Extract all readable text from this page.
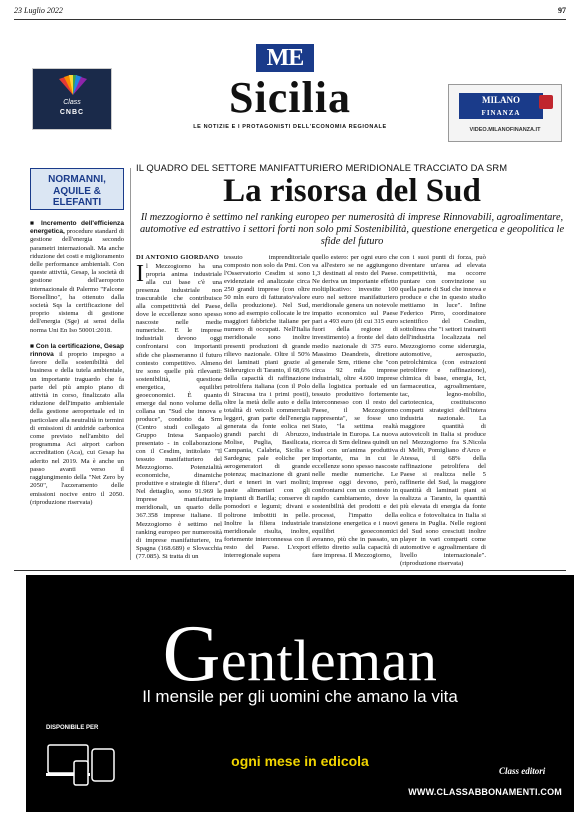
23 Luglio 2022	97
Class
CNBC
ME
Sicilia
LE NOTIZIE E I PROTAGONISTI DELL'ECONOMIA REGIONALE
MILANO
FINANZA
VIDEO.MILANOFINANZA.IT
NORMANNI,
AQUILE &
ELEFANTI

■ Incremento dell'efficienza energetica, procedure standard di gestione dell'energia secondo parametri internazionali. Ma anche riduzione dei costi e miglioramento delle performance ambientali. Con queste attività, Gesap, la società di gestione dell'aeroporto internazionale di Palermo "Falcone Borsellino", ha ottenuto dalla società Sqs la certificazione del proprio sistema di gestione dell'energia (Sge) ai sensi della norma Uni En Iso 50001:2018.

■ Con la certificazione, Gesap rinnova il proprio impegno a favore della sostenibilità del business e della tutela ambientale, un importante traguardo che fa parte del più ampio piano di attività in corso, finalizzato alla riduzione dell'impatto ambientale della gestione aeroportuale ed in particolare alla neutralità in termini di emissioni di anidride carbonica come previsto nell'ambito del programma Aci airport carbon accreditation (Aca), cui Gesap ha aderito nel 2019. Ma è anche un passo avanti verso il raggiungimento della "Net Zero by 2050", l'azzeramento delle emissioni nocive entro il 2050. (riproduzione riservata)

IL QUADRO DEL SETTORE MANIFATTURIERO MERIDIONALE TRACCIATO DA SRM
La risorsa del Sud
Il mezzogiorno è settimo nel ranking europeo per numerosità di imprese Rinnovabili, agroalimentare, automotive ed estrattivo i settori forti non solo pmi Sostenibilità, questione energetica e geopolitica le sfide del futuro
DI ANTONIO GIORDANO
Il Mezzogiorno ha una propria anima industriale alla cui base c'è una presenza industriale non trascurabile che contribuisce alla competitività del Paese, dove le eccellenze sono spesso nascoste nelle medie numeriche. E le imprese industriali devono oggi confrontarsi con importanti sfide che plasmeranno il futuro contesto competitivo. Almeno tre sono quelle più rilevanti: sostenibilità, questione energetica, equilibri geoeconomici. È quanto emerge dal nono volume della collana un "Sud che innova e produce", condotto da Srm (Centro studi collegato al Gruppo Intesa Sanpaolo) presentato - in collaborazione con il Cesdim, intitolato "Il tessuto manifatturiero del Mezzogiorno. Potenzialità economiche, dinamiche produttive e strategie di filiera". Nel dettaglio, sono 91.969 le imprese manifatturiere meridionali, un quarto delle 367.358 imprese italiane. Il Mezzogiorno è settimo nel ranking europeo per numerosità di imprese manifatturiere, tra Spagna (168.689) e Slovacchia (77.085). Si tratta di un
tessuto imprenditoriale composto non solo da Pmi. Con l'Osservatorio Cesdim si sono evidenziate ed analizzate circa 250 grandi imprese (con oltre 50 mln euro di fatturato/valore della produzione). Nel Sud, sono ad esempio collocate le tre maggiori fabbriche italiane per numero di occupati. Nell'Italia meridionale sono inoltre presenti produzioni di grande rilievo nazionale. Oltre il 50% dei laminati piani grazie al Siderurgico di Taranto, il 68,6% della capacità di raffinazione petrolifera italiana (con il Polo di Siracusa tra i primi posti), oltre la metà delle auto e della totalità di veicoli commerciali leggeri, gran parte dell'energia generata da fonte eolica nei grandi parchi di Abruzzo, Molise, Puglia, Basilicata, Campania, Calabria, Sicilia e Sardegna; pale eoliche per aerogeneratori di grande potenza; macinazione di grani duri e teneri in vari molini; paste alimentari con gli impianti di Barilla; conserve di pomodori e legumi; divani e poltrone imbottiti in pelle. Inoltre la filiera industriale meridionale risulta, inoltre, fortemente interconnessa con il resto del Paese. L'export interregionale supera
quello estero: per ogni euro che va all'estero se ne aggiungono 1,3 destinati al resto del Paese. Ne deriva un importante effetto moltiplicativo: investite 100 euro nel settore manifatturiero meridionale genera un notevole impatto economico sul Paese pari a 493 euro (di cui 315 euro fuori della regione di investimento) a fronte del dato medio nazionale di 375 euro. Massimo Deandreis, direttore generale Srm, ritiene che "con circa 92 mila imprese industriali, oltre 4.600 imprese della logistica portuale ed un tessuto produttivo fortemente interconnesso con il resto del Paese, il Mezzogiorno rappresenta", se fosse uno Stato, "la settima realtà industriale in Europa. La nuova ricerca di Srm delinea quindi un Sud con un'anima produttiva importante, ma in cui le eccellenze sono spesso nascoste nelle medie numeriche. Le imprese oggi devono, però, confrontarsi con un contesto in rapido cambiamento, dove la sostenibilità dei prodotti e dei processi, l'impatto della transizione energetica e i nuovi equilibri geoeconomici avranno, più che in passato, un effetto diretto sulla capacità di fare impresa. Il Mezzogiorno,
con i suoi punti di forza, può diventare un'area ad elevata competitività, ma occorre puntare con convinzione su quella parte di Sud che innova e produce e che in questo studio mettiamo in luce". Infine Federico Pirro, coordinatore scientifico del Cesdim, sottolinea che "i settori trainanti dell'industria localizzata nel Mezzogiorno come siderurgia, automotive, aerospazio, petrolchimica (con estrazioni petrolifere e raffinazione), chimica di base, energia, Ict, farmaceutica, agroalimentare, tac, legno-mobilio, cartotecnica, costituiscono comparti strategici dell'intera industria nazionale. La maggiore quantità di autoveicoli in Italia si produce nel Mezzogiorno fra S.Nicola di Melfi, Pomigliano d'Arco e Atessa, il 68% della raffinazione petrolifera del Paese si realizza nelle 5 raffinerie del Sud, la maggiore quantità di laminati piani si realizza a Taranto, la quantità più elevata di energia da fonte eolica e fotovoltaica in Italia si genera in Puglia. Nelle regioni del Sud sono cresciuti inoltre player in vari comparti come automotive e agroalimentare di livello internazionale". (riproduzione riservata)
Gentleman
Il mensile per gli uomini che amano la vita
DISPONIBILE PER
ogni mese in edicola
Class editori
WWW.CLASSABBONAMENTI.COM
